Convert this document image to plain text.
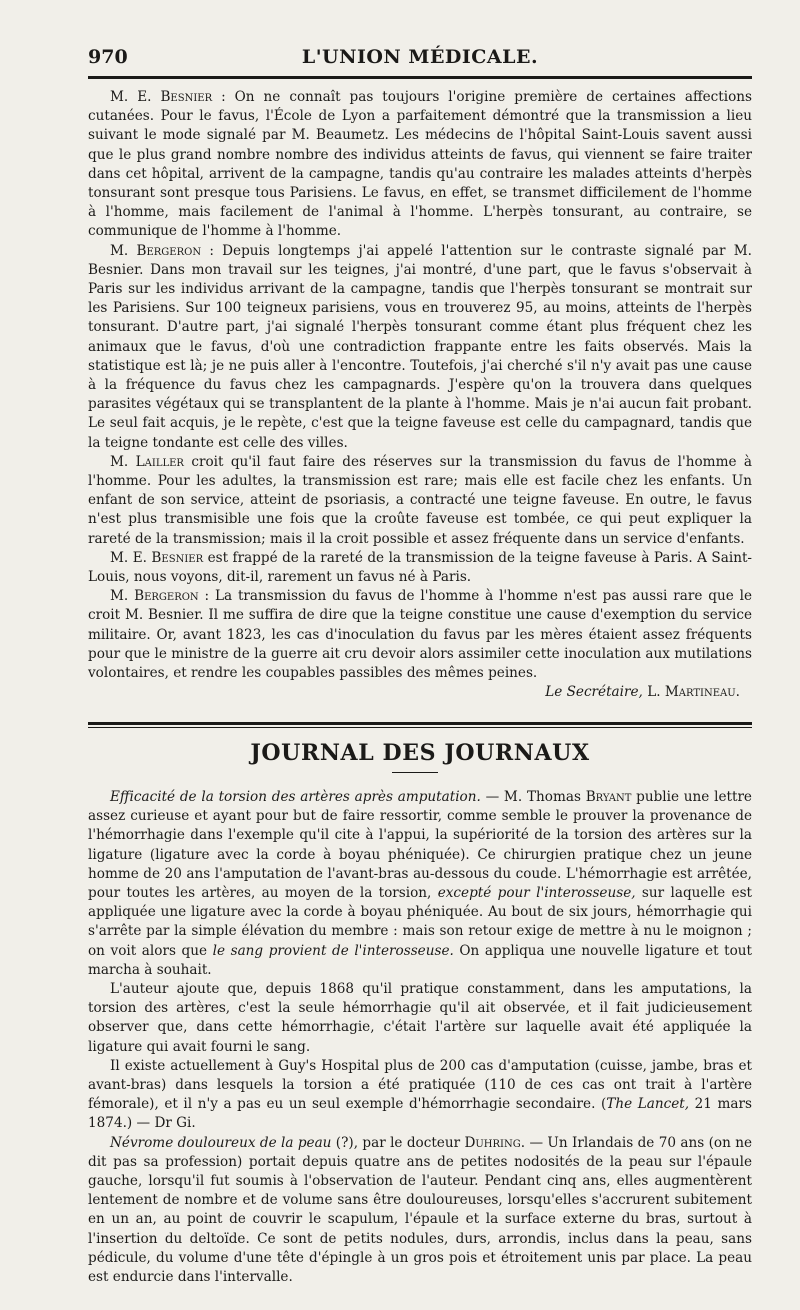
970	L'UNION MÉDICALE.

M. E. Besnier : On ne connaît pas toujours l'origine première de certaines affections cutanées. Pour le favus, l'École de Lyon a parfaitement démontré que la transmission a lieu suivant le mode signalé par M. Beaumetz. Les médecins de l'hôpital Saint-Louis savent aussi que le plus grand nombre nombre des individus atteints de favus, qui viennent se faire traiter dans cet hôpital, arrivent de la campagne, tandis qu'au contraire les malades atteints d'herpès tonsurant sont presque tous Parisiens. Le favus, en effet, se transmet difficilement de l'homme à l'homme, mais facilement de l'animal à l'homme. L'herpès tonsurant, au contraire, se communique de l'homme à l'homme.

M. Bergeron : Depuis longtemps j'ai appelé l'attention sur le contraste signalé par M. Besnier. Dans mon travail sur les teignes, j'ai montré, d'une part, que le favus s'observait à Paris sur les individus arrivant de la campagne, tandis que l'herpès tonsurant se montrait sur les Parisiens. Sur 100 teigneux parisiens, vous en trouverez 95, au moins, atteints de l'herpès tonsurant. D'autre part, j'ai signalé l'herpès tonsurant comme étant plus fréquent chez les animaux que le favus, d'où une contradiction frappante entre les faits observés. Mais la statistique est là; je ne puis aller à l'encontre. Toutefois, j'ai cherché s'il n'y avait pas une cause à la fréquence du favus chez les campagnards. J'espère qu'on la trouvera dans quelques parasites végétaux qui se transplantent de la plante à l'homme. Mais je n'ai aucun fait probant. Le seul fait acquis, je le repète, c'est que la teigne faveuse est celle du campagnard, tandis que la teigne tondante est celle des villes.

M. Lailler croit qu'il faut faire des réserves sur la transmission du favus de l'homme à l'homme. Pour les adultes, la transmission est rare; mais elle est facile chez les enfants. Un enfant de son service, atteint de psoriasis, a contracté une teigne faveuse. En outre, le favus n'est plus transmisible une fois que la croûte faveuse est tombée, ce qui peut expliquer la rareté de la transmission; mais il la croit possible et assez fréquente dans un service d'enfants.

M. E. Besnier est frappé de la rareté de la transmission de la teigne faveuse à Paris. A Saint-Louis, nous voyons, dit-il, rarement un favus né à Paris.

M. Bergeron : La transmission du favus de l'homme à l'homme n'est pas aussi rare que le croit M. Besnier. Il me suffira de dire que la teigne constitue une cause d'exemption du service militaire. Or, avant 1823, les cas d'inoculation du favus par les mères étaient assez fréquents pour que le ministre de la guerre ait cru devoir alors assimiler cette inoculation aux mutilations volontaires, et rendre les coupables passibles des mêmes peines.

Le Secrétaire, L. Martineau.
JOURNAL DES JOURNAUX

Efficacité de la torsion des artères après amputation. — M. Thomas Bryant publie une lettre assez curieuse et ayant pour but de faire ressortir, comme semble le prouver la provenance de l'hémorrhagie dans l'exemple qu'il cite à l'appui, la supériorité de la torsion des artères sur la ligature (ligature avec la corde à boyau phéniquée). Ce chirurgien pratique chez un jeune homme de 20 ans l'amputation de l'avant-bras au-dessous du coude. L'hémorrhagie est arrêtée, pour toutes les artères, au moyen de la torsion, excepté pour l'interosseuse, sur laquelle est appliquée une ligature avec la corde à boyau phéniquée. Au bout de six jours, hémorrhagie qui s'arrête par la simple élévation du membre : mais son retour exige de mettre à nu le moignon ; on voit alors que le sang provient de l'interosseuse. On appliqua une nouvelle ligature et tout marcha à souhait.

L'auteur ajoute que, depuis 1868 qu'il pratique constamment, dans les amputations, la torsion des artères, c'est la seule hémorrhagie qu'il ait observée, et il fait judicieusement observer que, dans cette hémorrhagie, c'était l'artère sur laquelle avait été appliquée la ligature qui avait fourni le sang.

Il existe actuellement à Guy's Hospital plus de 200 cas d'amputation (cuisse, jambe, bras et avant-bras) dans lesquels la torsion a été pratiquée (110 de ces cas ont trait à l'artère fémorale), et il n'y a pas eu un seul exemple d'hémorrhagie secondaire. (The Lancet, 21 mars 1874.) — Dr Gi.

Névrome douloureux de la peau (?), par le docteur Duhring. — Un Irlandais de 70 ans (on ne dit pas sa profession) portait depuis quatre ans de petites nodosités de la peau sur l'épaule gauche, lorsqu'il fut soumis à l'observation de l'auteur. Pendant cinq ans, elles augmentèrent lentement de nombre et de volume sans être douloureuses, lorsqu'elles s'accrurent subitement en un an, au point de couvrir le scapulum, l'épaule et la surface externe du bras, surtout à l'insertion du deltoïde. Ce sont de petits nodules, durs, arrondis, inclus dans la peau, sans pédicule, du volume d'une tête d'épingle à un gros pois et étroitement unis par place. La peau est endurcie dans l'intervalle.
